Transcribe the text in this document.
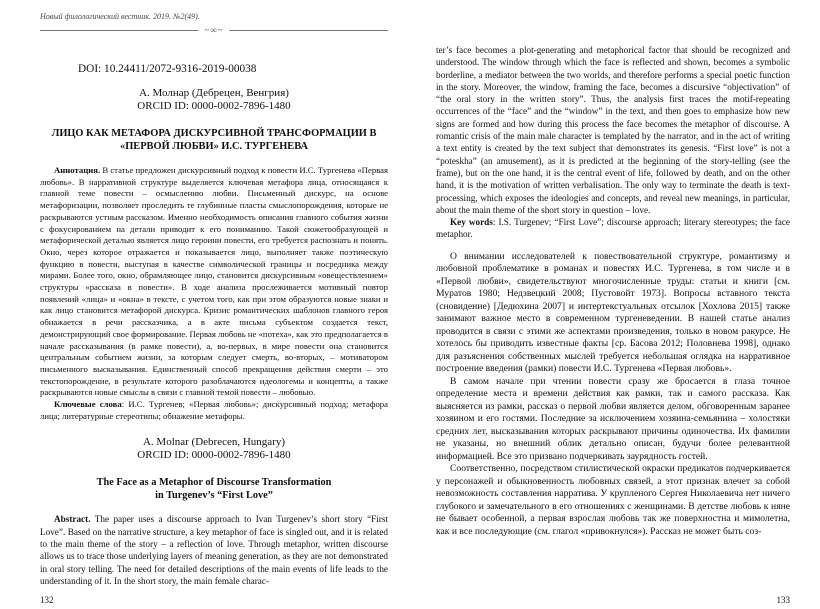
Новый филологический вестник. 2019. №2(49).
~∞~
DOI: 10.24411/2072-9316-2019-00038
А. Молнар (Дебрецен, Венгрия)
ORCID ID: 0000-0002-7896-1480
ЛИЦО КАК МЕТАФОРА ДИСКУРСИВНОЙ ТРАНСФОРМАЦИИ В
«ПЕРВОЙ ЛЮБВИ» И.С. ТУРГЕНЕВА

Аннотация. В статье предложен дискурсивный подход к повести И.С. Тургенева «Первая любовь». В нарративной структуре выделяется ключевая метафора лица, относящаяся к главной теме повести – осмыслению любви. Письменный дискурс, на основе метафоризации, позволяет проследить те глубинные пласты смыслопорождения, которые не раскрываются устным рассказом. Именно необходимость описания главного события жизни с фокусированием на детали приводит к его пониманию. Такой сюжетообразующей и метафорической деталью является лицо героини повести, его требуется распознать и понять. Окно, через которое отражается и показывается лицо, выполняет также поэтическую функцию в повести, выступая в качестве символической границы и посредника между мирами. Более того, окно, обрамляющее лицо, становится дискурсивным «овеществлением» структуры «рассказа в повести». В ходе анализа прослеживается мотивный повтор появлений «лица» и «окна» в тексте, с учетом того, как при этом образуются новые знаки и как лицо становится метафорой дискурса. Кризис романтических шаблонов главного героя обнажается в речи рассказчика, а в акте письма субъектом создается текст, демонстрирующий свое формирование. Первая любовь не «потеха», как это предполагается в начале рассказывания (в рамке повести), а, во-первых, в мире повести она становится центральным событием жизни, за которым следует смерть, во-вторых, – мотиватором письменного высказывания. Единственный способ прекращения действия смерти – это текстопорождение, в результате которого разоблачаются идеологемы и концепты, а также раскрываются новые смыслы в связи с главной темой повести – любовью.

Ключевые слова: И.С. Тургенев; «Первая любовь»; дискурсивный подход; метафора лица; литературные стереотипы; обнажение метафоры.

A. Molnar (Debrecen, Hungary)
ORCID ID: 0000-0002-7896-1480
The Face as a Metaphor of Discourse Transformation
in Turgenev’s “First Love”

Abstract. The paper uses a discourse approach to Ivan Turgenev’s short story “First Love”. Based on the narrative structure, a key metaphor of face is singled out, and it is related to the main theme of the story – a reflection of love. Through metaphor, written discourse allows us to trace those underlying layers of meaning generation, as they are not demonstrated in oral story telling. The need for detailed descriptions of the main events of life leads to the understanding of it. In the short story, the main female charac-

132

ter’s face becomes a plot-generating and metaphorical factor that should be recognized and understood. The window through which the face is reflected and shown, becomes a symbolic borderline, a mediator between the two worlds, and therefore performs a special poetic function in the story. Moreover, the window, framing the face, becomes a discursive “objectivation” of “the oral story in the written story”. Thus, the analysis first traces the motif-repeating occurrences of the “face” and the “window” in the text, and then goes to emphasize how new signs are formed and how during this process the face becomes the metaphor of discourse. A romantic crisis of the main male character is templated by the narrator, and in the act of writing a text entity is created by the text subject that demonstrates its genesis. “First love” is not a “poteskha” (an amusement), as it is predicted at the beginning of the story-telling (see the frame), but on the one hand, it is the central event of life, followed by death, and on the other hand, it is the motivation of written verbalisation. The only way to terminate the death is text-processing, which exposes the ideologies and concepts, and reveal new meanings, in particular, about the main theme of the short story in question – love.

Key words: I.S. Turgenev; “First Love”; discourse approach; literary stereotypes; the face metaphor.

О внимании исследователей к повествовательной структуре, романтизму и любовной проблематике в романах и повестях И.С. Тургенева, в том числе и в «Первой любви», свидетельствуют многочисленные труды: статьи и книги [см. Муратов 1980; Недзвецкий 2008; Пустовойт 1973]. Вопросы вставного текста (сновидение) [Дедюхина 2007] и интертекстуальных отсылок [Хохлова 2015] также занимают важное место в современном тургеневедении. В нашей статье анализ проводится в связи с этими же аспектами произведения, только в новом ракурсе. Не хотелось бы приводить известные факты [ср. Басова 2012; Половнева 1998], однако для разъяснения собственных мыслей требуется небольшая оглядка на нарративное построение введения (рамки) повести И.С. Тургенева «Первая любовь».

В самом начале при чтении повести сразу же бросается в глаза точное определение места и времени действия как рамки, так и самого рассказа. Как выясняется из рамки, рассказ о первой любви является делом, обговоренным заранее хозяином и его гостями. Последние за исключением хозяина-семьянина – холостяки средних лет, высказывания которых раскрывают причины одиночества. Их фамилии не указаны, но внешний облик детально описан, будучи более релевантной информацией. Все это призвано подчеркивать заурядность гостей.

Соответственно, посредством стилистической окраски предикатов подчеркивается у персонажей и обыкновенность любовных связей, а этот признак влечет за собой невозможность составления нарратива. У крупленого Сергея Николаевича нет ничего глубокого и замечательного в его отношениях с женщинами. В детстве любовь к няне не бывает особенной, а первая взрослая любовь так же поверхностна и мимолетна, как и все последующие (см. глагол «привокнулся»). Рассказ не может быть соз-

133
